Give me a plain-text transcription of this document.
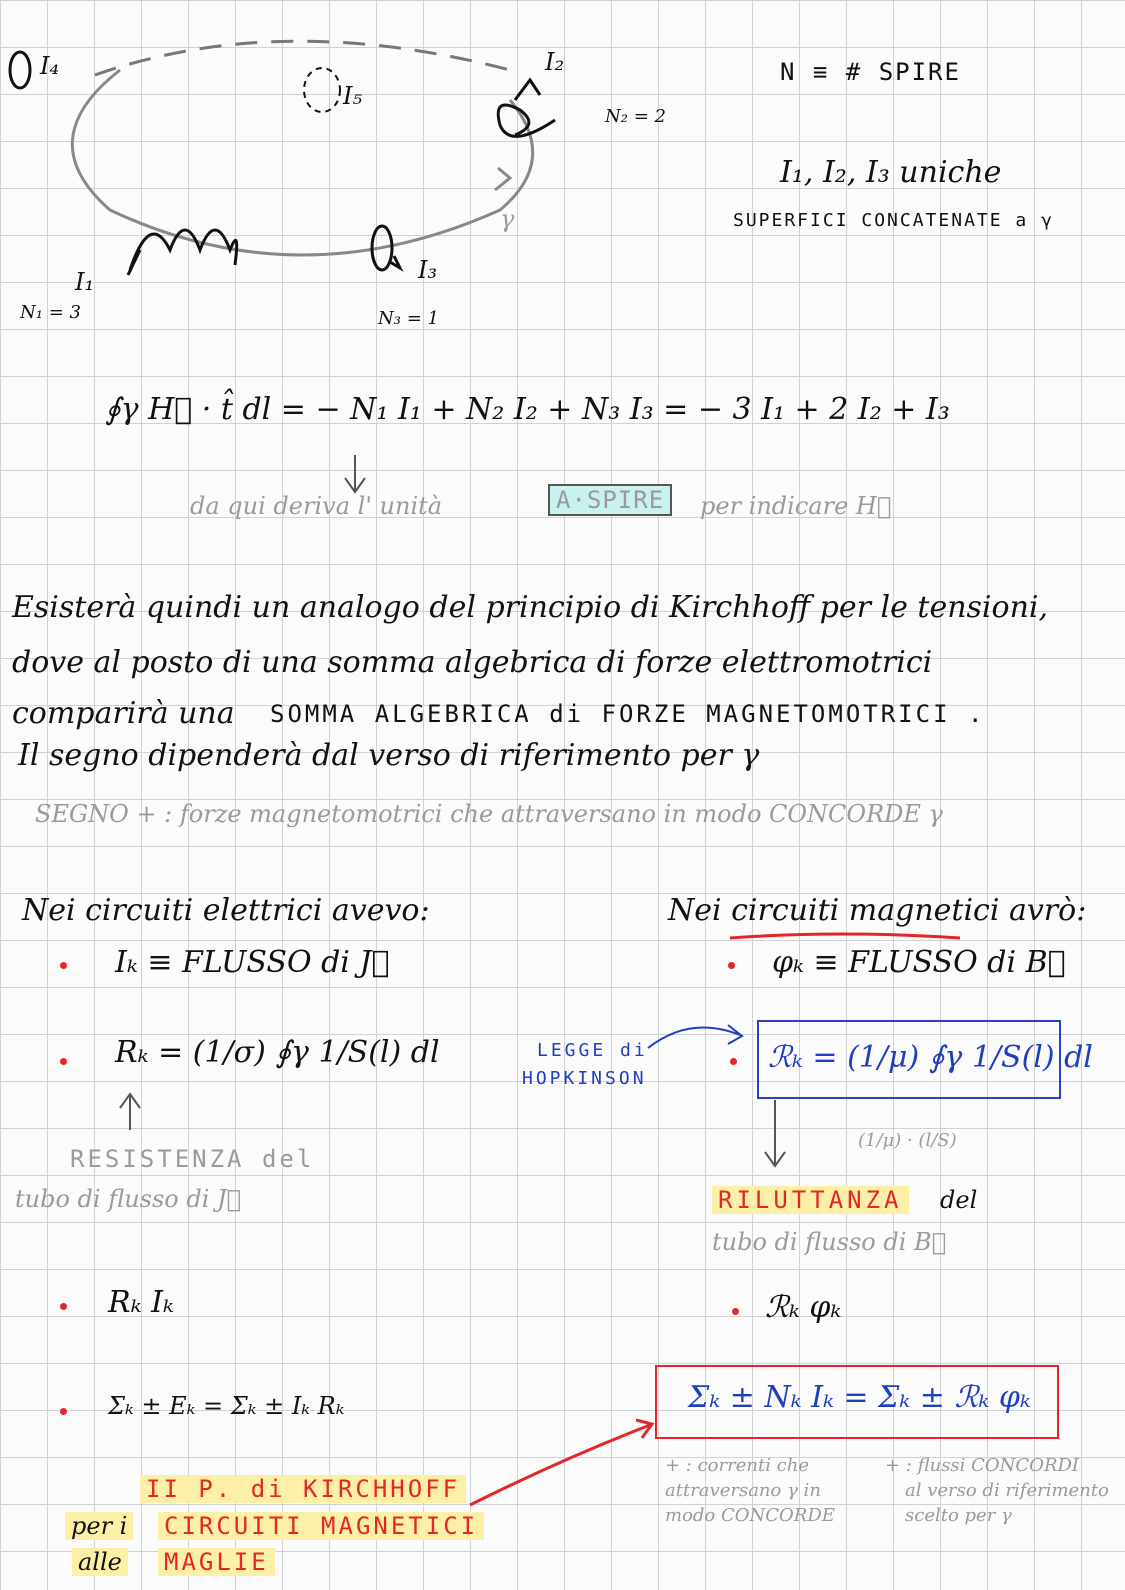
I₄
I₅
I₂
N₂ = 2
I₁
N₁ = 3
I₃
N₃ = 1
γ
N ≡ # SPIRE
I₁, I₂, I₃ uniche
SUPERFICI CONCATENATE a γ
∮γ H⃗ · t̂ dl = − N₁ I₁ + N₂ I₂ + N₃ I₃ = − 3 I₁ + 2 I₂ + I₃
da qui deriva l' unità	A·SPIRE	per indicare H⃗
Esisterà quindi un analogo del principio di Kirchhoff per le tensioni,
dove al posto di una somma algebrica di forze elettromotrici
comparirà una SOMMA ALGEBRICA di FORZE MAGNETOMOTRICI .
Il segno dipenderà dal verso di riferimento per γ
SEGNO + : forze magnetomotrici che attraversano in modo CONCORDE γ
Nei circuiti elettrici avevo:
Iₖ ≡ FLUSSO di J⃗
Rₖ = (1/σ) ∮γ 1/S(l) dl
RESISTENZA del
tubo di flusso di J⃗
Rₖ Iₖ
Σₖ ± Eₖ = Σₖ ± Iₖ Rₖ
Nei circuiti magnetici avrò:
φₖ ≡ FLUSSO di B⃗
LEGGE di
HOPKINSON
ℛₖ = (1/μ) ∮γ 1/S(l) dl
(1/μ) · (l/S)
RILUTTANZA del
tubo di flusso di B⃗
ℛₖ φₖ
Σₖ ± Nₖ Iₖ = Σₖ ± ℛₖ φₖ
+ : correnti che
attraversano γ in
modo CONCORDE
+ : flussi CONCORDI
al verso di riferimento
scelto per γ
II P. di KIRCHHOFF
per i CIRCUITI MAGNETICI
alle MAGLIE
